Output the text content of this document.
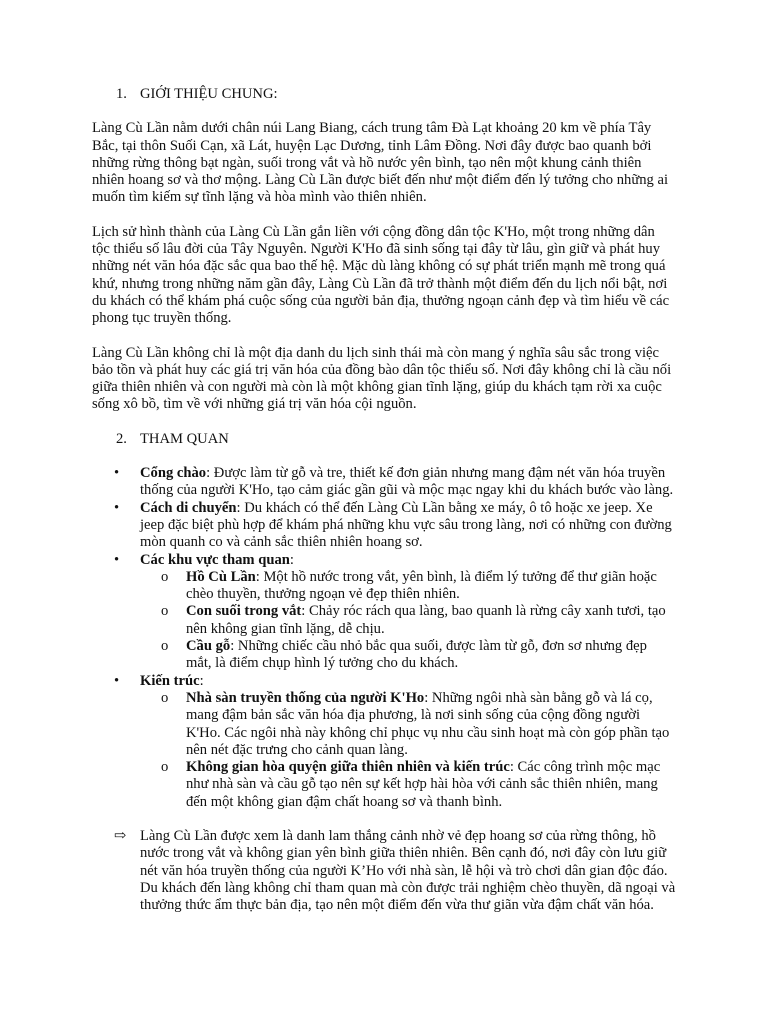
1. GIỚI THIỆU CHUNG:

Làng Cù Lần nằm dưới chân núi Lang Biang, cách trung tâm Đà Lạt khoảng 20 km về phía Tây Bắc, tại thôn Suối Cạn, xã Lát, huyện Lạc Dương, tỉnh Lâm Đồng. Nơi đây được bao quanh bởi những rừng thông bạt ngàn, suối trong vắt và hồ nước yên bình, tạo nên một khung cảnh thiên nhiên hoang sơ và thơ mộng. Làng Cù Lần được biết đến như một điểm đến lý tưởng cho những ai muốn tìm kiếm sự tĩnh lặng và hòa mình vào thiên nhiên.

Lịch sử hình thành của Làng Cù Lần gắn liền với cộng đồng dân tộc K'Ho, một trong những dân tộc thiểu số lâu đời của Tây Nguyên. Người K'Ho đã sinh sống tại đây từ lâu, gìn giữ và phát huy những nét văn hóa đặc sắc qua bao thế hệ. Mặc dù làng không có sự phát triển mạnh mẽ trong quá khứ, nhưng trong những năm gần đây, Làng Cù Lần đã trở thành một điểm đến du lịch nổi bật, nơi du khách có thể khám phá cuộc sống của người bản địa, thưởng ngoạn cảnh đẹp và tìm hiểu về các phong tục truyền thống.

Làng Cù Lần không chỉ là một địa danh du lịch sinh thái mà còn mang ý nghĩa sâu sắc trong việc bảo tồn và phát huy các giá trị văn hóa của đồng bào dân tộc thiểu số. Nơi đây không chỉ là cầu nối giữa thiên nhiên và con người mà còn là một không gian tĩnh lặng, giúp du khách tạm rời xa cuộc sống xô bồ, tìm về với những giá trị văn hóa cội nguồn.

2. THAM QUAN
• Cổng chào: Được làm từ gỗ và tre, thiết kế đơn giản nhưng mang đậm nét văn hóa truyền thống của người K'Ho, tạo cảm giác gần gũi và mộc mạc ngay khi du khách bước vào làng.
• Cách di chuyển: Du khách có thể đến Làng Cù Lần bằng xe máy, ô tô hoặc xe jeep. Xe jeep đặc biệt phù hợp để khám phá những khu vực sâu trong làng, nơi có những con đường mòn quanh co và cảnh sắc thiên nhiên hoang sơ.
• Các khu vực tham quan:
o Hồ Cù Lần: Một hồ nước trong vắt, yên bình, là điểm lý tưởng để thư giãn hoặc chèo thuyền, thưởng ngoạn vẻ đẹp thiên nhiên.
o Con suối trong vắt: Chảy róc rách qua làng, bao quanh là rừng cây xanh tươi, tạo nên không gian tĩnh lặng, dễ chịu.
o Cầu gỗ: Những chiếc cầu nhỏ bắc qua suối, được làm từ gỗ, đơn sơ nhưng đẹp mắt, là điểm chụp hình lý tưởng cho du khách.
• Kiến trúc:
o Nhà sàn truyền thống của người K'Ho: Những ngôi nhà sàn bằng gỗ và lá cọ, mang đậm bản sắc văn hóa địa phương, là nơi sinh sống của cộng đồng người K'Ho. Các ngôi nhà này không chỉ phục vụ nhu cầu sinh hoạt mà còn góp phần tạo nên nét đặc trưng cho cảnh quan làng.
o Không gian hòa quyện giữa thiên nhiên và kiến trúc: Các công trình mộc mạc như nhà sàn và cầu gỗ tạo nên sự kết hợp hài hòa với cảnh sắc thiên nhiên, mang đến một không gian đậm chất hoang sơ và thanh bình.
⇨ Làng Cù Lần được xem là danh lam thắng cảnh nhờ vẻ đẹp hoang sơ của rừng thông, hồ nước trong vắt và không gian yên bình giữa thiên nhiên. Bên cạnh đó, nơi đây còn lưu giữ nét văn hóa truyền thống của người K’Ho với nhà sàn, lễ hội và trò chơi dân gian độc đáo. Du khách đến làng không chỉ tham quan mà còn được trải nghiệm chèo thuyền, dã ngoại và thưởng thức ẩm thực bản địa, tạo nên một điểm đến vừa thư giãn vừa đậm chất văn hóa.
